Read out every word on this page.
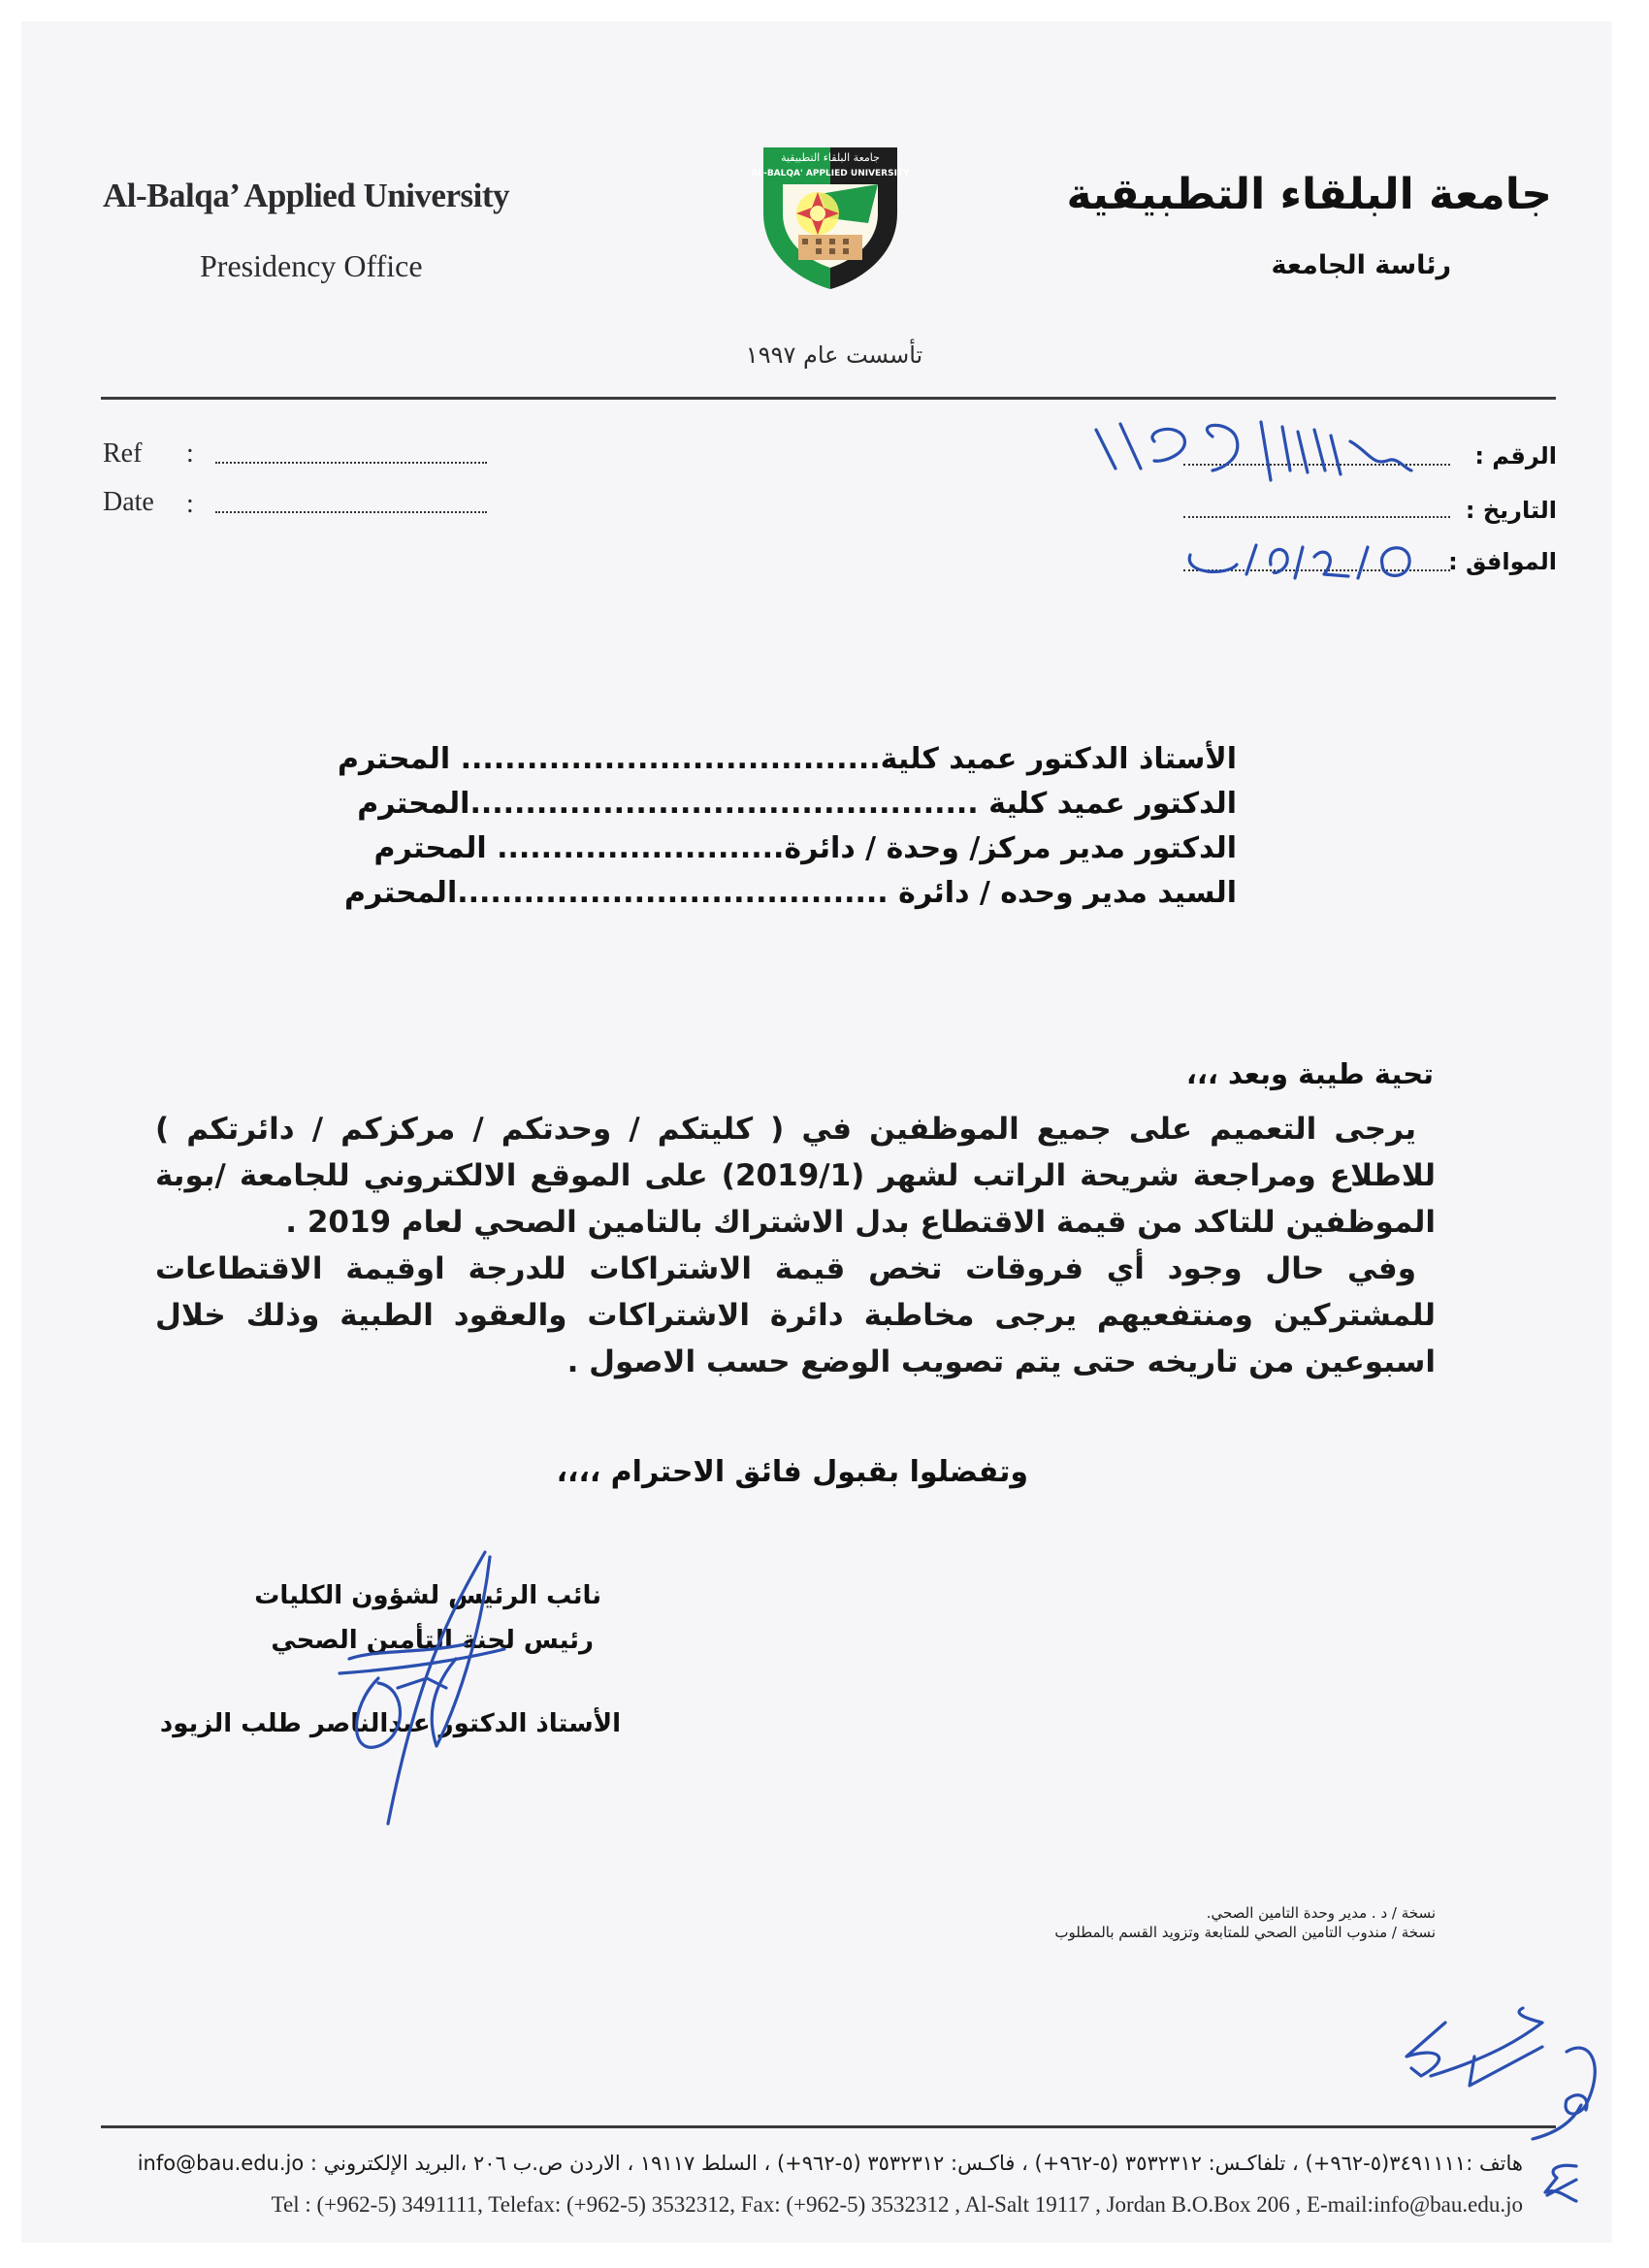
Al-Balqa’ Applied University
Presidency Office
جامعة البلقاء التطبيقية
رئاسة الجامعة
جامعة البلقاء التطبيقية
AL-BALQA' APPLIED UNIVERSITY
تأسست عام ١٩٩٧
Ref :
Date :
الرقم :
التاريخ :
الموافق :
الأستاذ الدكتور عميد كلية...................................... المحترم
الدكتور عميد كلية ..............................................المحترم
الدكتور مدير مركز/ وحدة / دائرة.......................... المحترم
السيد مدير وحده / دائرة .......................................المحترم
تحية طيبة وبعد ،،،

يرجى التعميم على جميع الموظفين في ( كليتكم / وحدتكم / مركزكم / دائرتكم ) للاطلاع ومراجعة شريحة الراتب لشهر (2019/1) على الموقع الالكتروني للجامعة /بوبة الموظفين للتاكد من قيمة الاقتطاع بدل الاشتراك بالتامين الصحي لعام 2019 .

وفي حال وجود أي فروقات تخص قيمة الاشتراكات للدرجة اوقيمة الاقتطاعات للمشتركين ومنتفعيهم يرجى مخاطبة دائرة الاشتراكات والعقود الطبية وذلك خلال اسبوعين من تاريخه حتى يتم تصويب الوضع حسب الاصول .

وتفضلوا بقبول فائق الاحترام ،،،،
نائب الرئيس لشؤون الكليات
رئيس لجنة التأمين الصحي
الأستاذ الدكتور عبدالناصر طلب الزيود
نسخة / د . مدير وحدة التامين الصحي.
نسخة / مندوب التامين الصحي للمتابعة وتزويد القسم بالمطلوب
هاتف :٣٤٩١١١١(٥-٩٦٢+) ، تلفاكـس: ٣٥٣٢٣١٢ (٥-٩٦٢+) ، فاكـس: ٣٥٣٢٣١٢ (٥-٩٦٢+) ، السلط ١٩١١٧ ، الاردن ص.ب ٢٠٦ ،البريد الإلكتروني : info@bau.edu.jo
Tel : (+962-5) 3491111, Telefax: (+962-5) 3532312, Fax: (+962-5) 3532312 , Al-Salt 19117 , Jordan B.O.Box 206 , E-mail:info@bau.edu.jo
